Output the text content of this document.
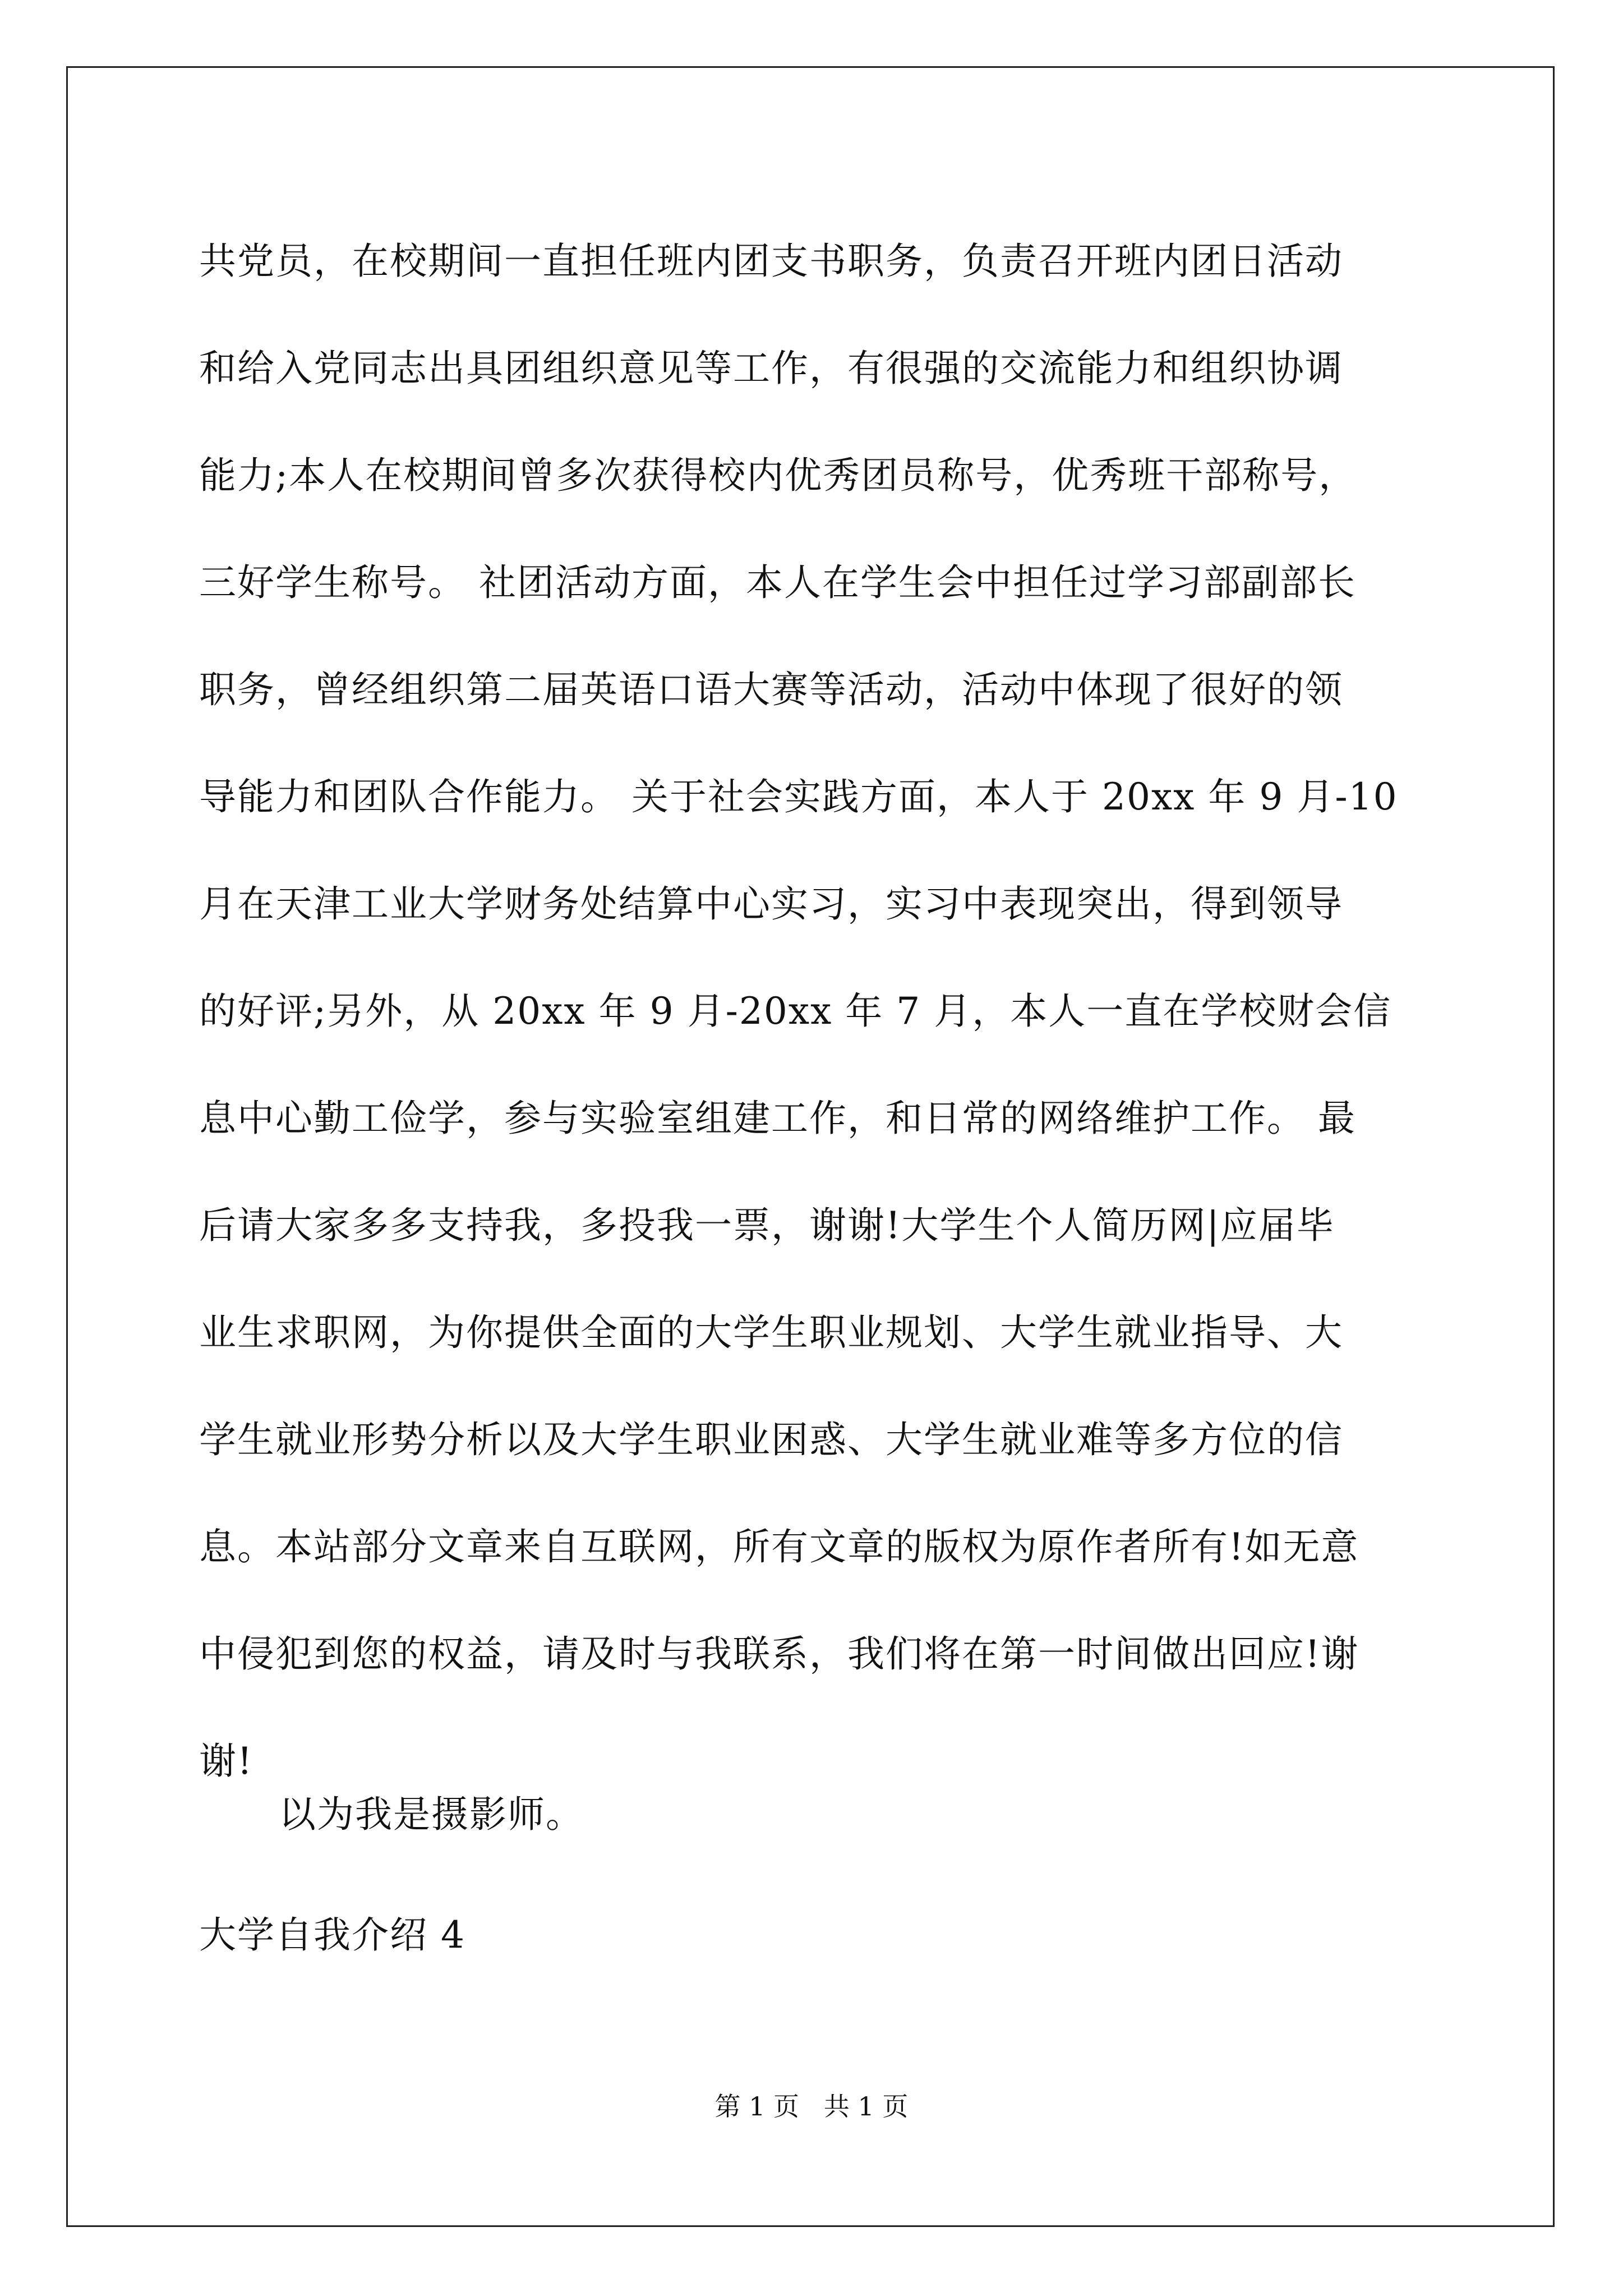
共党员，在校期间一直担任班内团支书职务，负责召开班内团日活动
和给入党同志出具团组织意见等工作，有很强的交流能力和组织协调
能力;本人在校期间曾多次获得校内优秀团员称号，优秀班干部称号，
三好学生称号。 社团活动方面，本人在学生会中担任过学习部副部长
职务，曾经组织第二届英语口语大赛等活动，活动中体现了很好的领
导能力和团队合作能力。 关于社会实践方面，本人于 20xx 年 9 月-10
月在天津工业大学财务处结算中心实习，实习中表现突出，得到领导
的好评;另外，从 20xx 年 9 月-20xx 年 7 月，本人一直在学校财会信
息中心勤工俭学，参与实验室组建工作，和日常的网络维护工作。 最
后请大家多多支持我，多投我一票，谢谢!大学生个人简历网|应届毕
业生求职网，为你提供全面的大学生职业规划、大学生就业指导、大
学生就业形势分析以及大学生职业困惑、大学生就业难等多方位的信
息。本站部分文章来自互联网，所有文章的版权为原作者所有!如无意
中侵犯到您的权益，请及时与我联系，我们将在第一时间做出回应!谢
谢!

以为我是摄影师。

大学自我介绍 4
第 1 页   共 1 页
